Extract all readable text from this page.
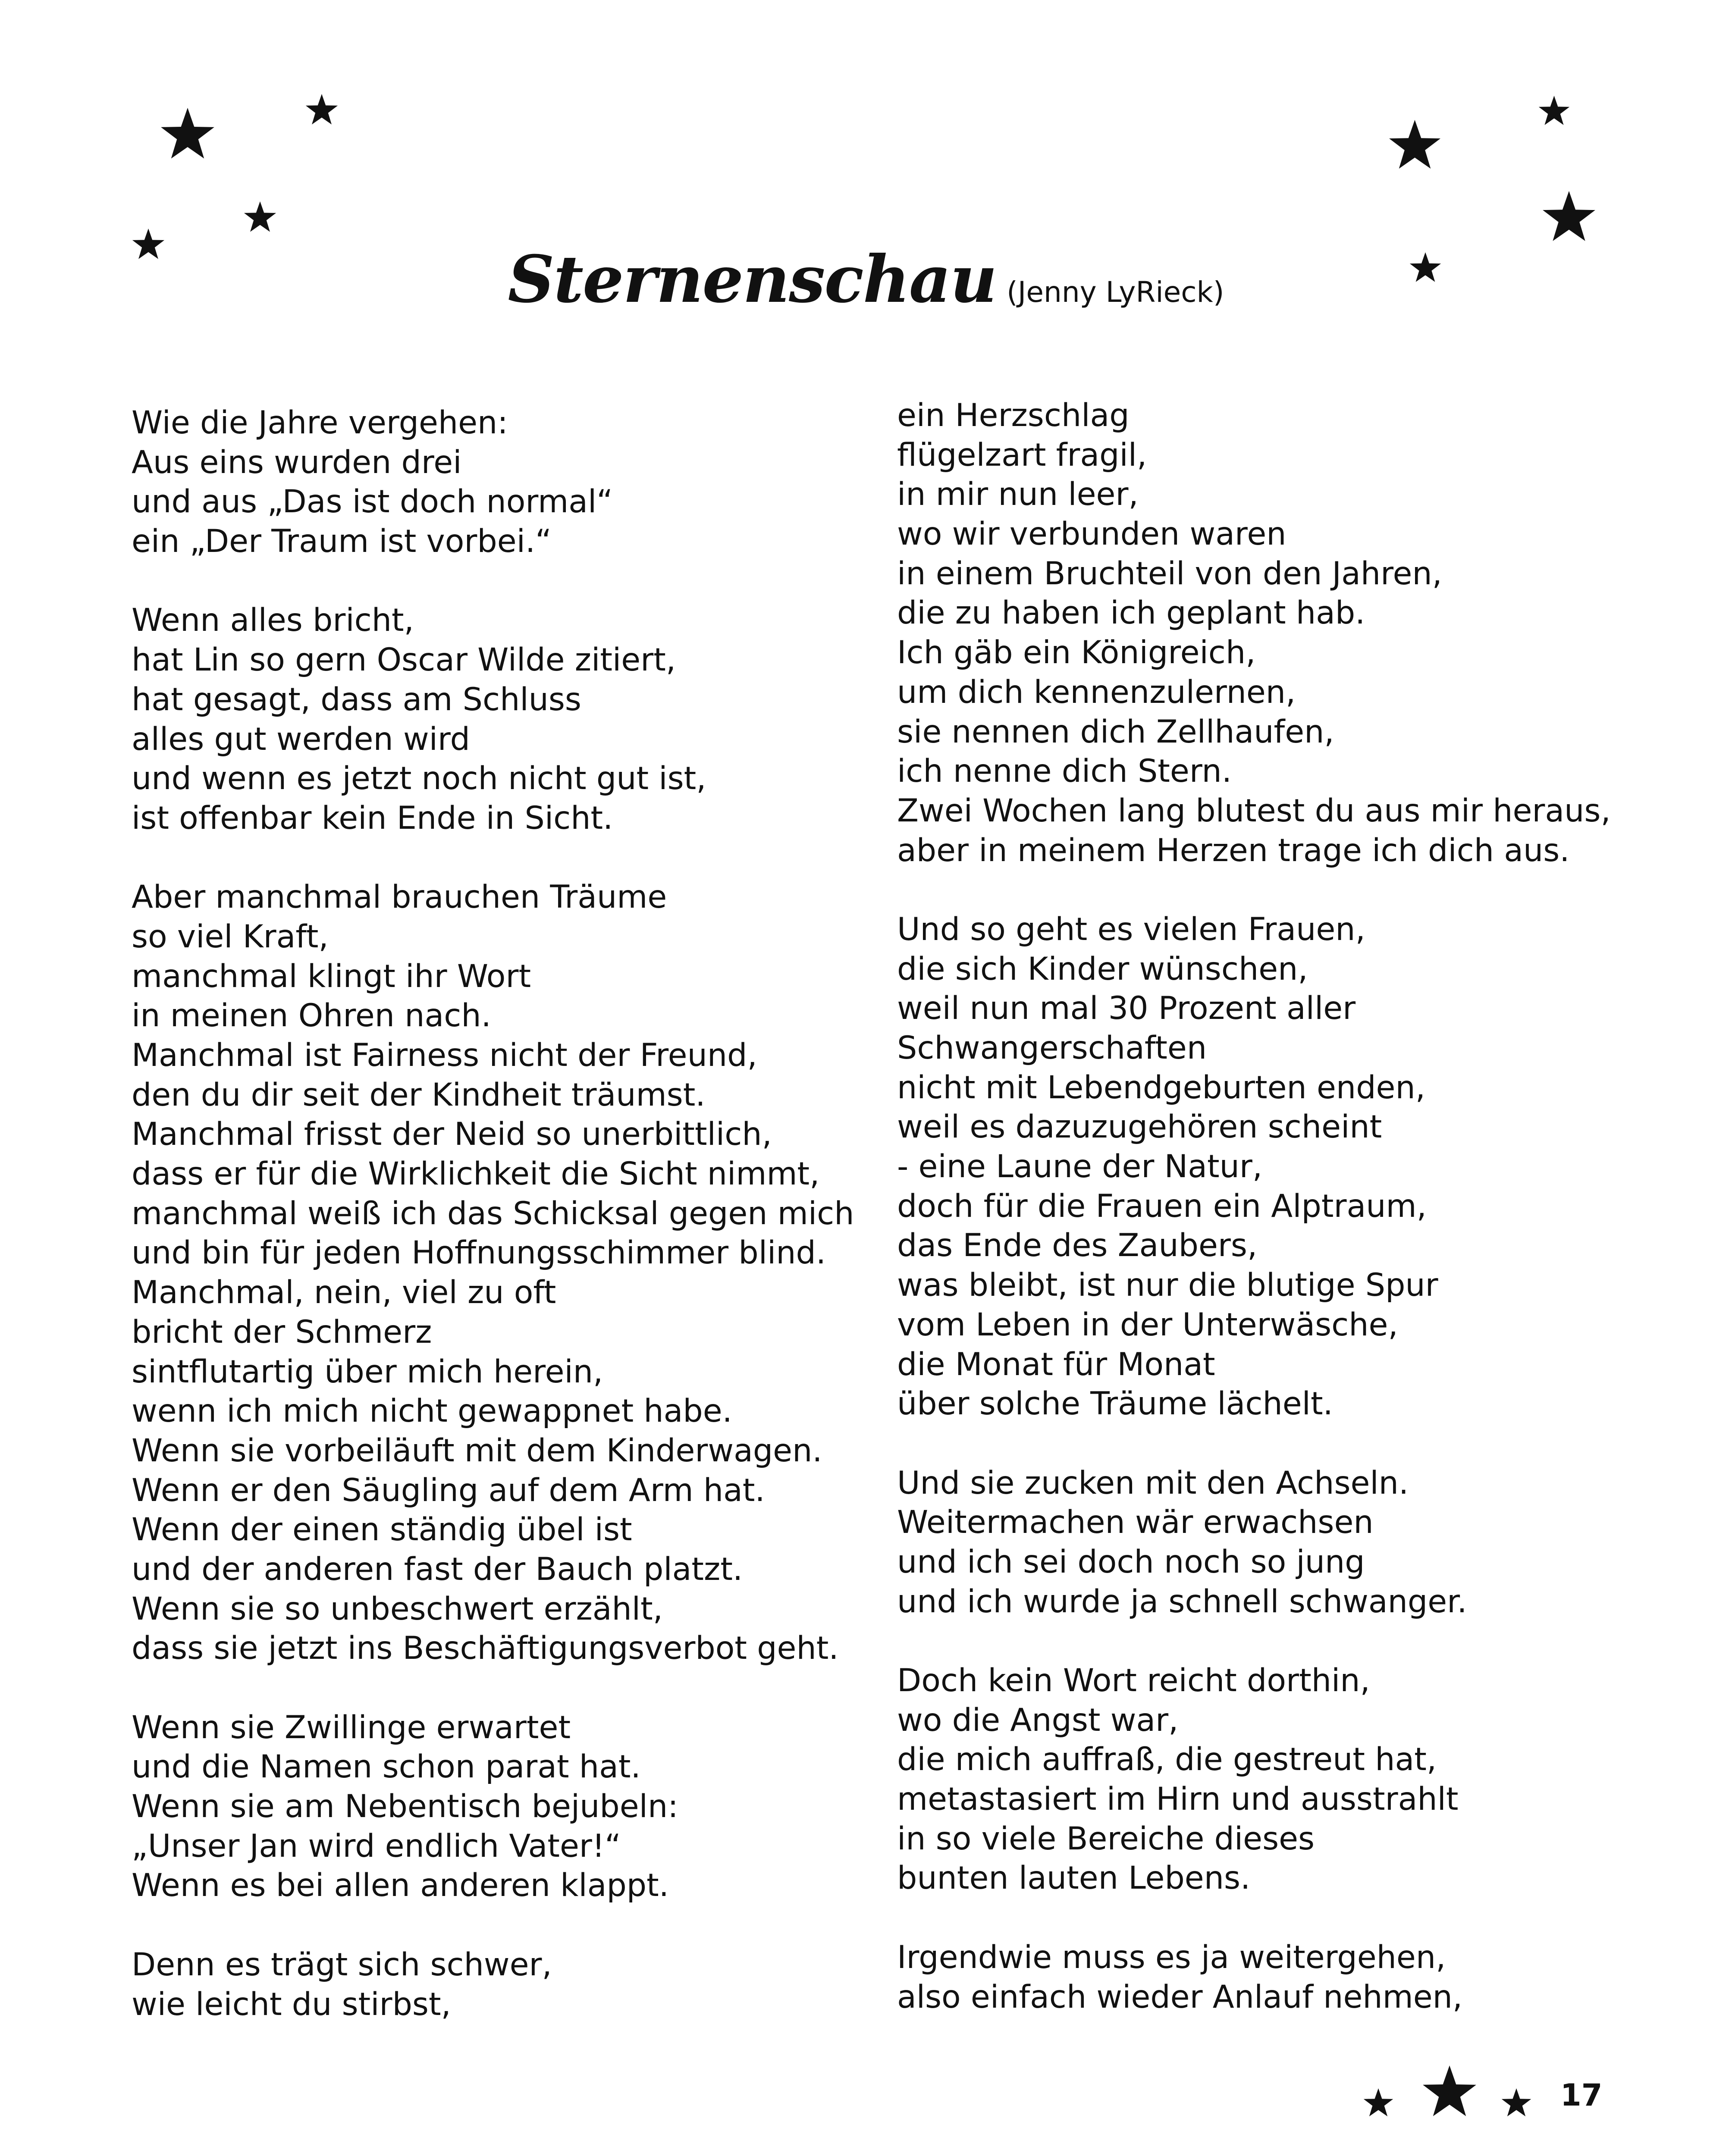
Sternenschau (Jenny LyRieck)
Wie die Jahre vergehen:
Aus eins wurden drei
und aus „Das ist doch normal“
ein „Der Traum ist vorbei.“
Wenn alles bricht,
hat Lin so gern Oscar Wilde zitiert,
hat gesagt, dass am Schluss
alles gut werden wird
und wenn es jetzt noch nicht gut ist,
ist offenbar kein Ende in Sicht.
Aber manchmal brauchen Träume
so viel Kraft,
manchmal klingt ihr Wort
in meinen Ohren nach.
Manchmal ist Fairness nicht der Freund,
den du dir seit der Kindheit träumst.
Manchmal frisst der Neid so unerbittlich,
dass er für die Wirklichkeit die Sicht nimmt,
manchmal weiß ich das Schicksal gegen mich
und bin für jeden Hoffnungsschimmer blind.
Manchmal, nein, viel zu oft
bricht der Schmerz
sintflutartig über mich herein,
wenn ich mich nicht gewappnet habe.
Wenn sie vorbeiläuft mit dem Kinderwagen.
Wenn er den Säugling auf dem Arm hat.
Wenn der einen ständig übel ist
und der anderen fast der Bauch platzt.
Wenn sie so unbeschwert erzählt,
dass sie jetzt ins Beschäftigungsverbot geht.
Wenn sie Zwillinge erwartet
und die Namen schon parat hat.
Wenn sie am Nebentisch bejubeln:
„Unser Jan wird endlich Vater!“
Wenn es bei allen anderen klappt.
Denn es trägt sich schwer,
wie leicht du stirbst,
ein Herzschlag
flügelzart fragil,
in mir nun leer,
wo wir verbunden waren
in einem Bruchteil von den Jahren,
die zu haben ich geplant hab.
Ich gäb ein Königreich,
um dich kennenzulernen,
sie nennen dich Zellhaufen,
ich nenne dich Stern.
Zwei Wochen lang blutest du aus mir heraus,
aber in meinem Herzen trage ich dich aus.
Und so geht es vielen Frauen,
die sich Kinder wünschen,
weil nun mal 30 Prozent aller
Schwangerschaften
nicht mit Lebendgeburten enden,
weil es dazuzugehören scheint
- eine Laune der Natur,
doch für die Frauen ein Alptraum,
das Ende des Zaubers,
was bleibt, ist nur die blutige Spur
vom Leben in der Unterwäsche,
die Monat für Monat
über solche Träume lächelt.
Und sie zucken mit den Achseln.
Weitermachen wär erwachsen
und ich sei doch noch so jung
und ich wurde ja schnell schwanger.
Doch kein Wort reicht dorthin,
wo die Angst war,
die mich auffraß, die gestreut hat,
metastasiert im Hirn und ausstrahlt
in so viele Bereiche dieses
bunten lauten Lebens.
Irgendwie muss es ja weitergehen,
also einfach wieder Anlauf nehmen,
17
